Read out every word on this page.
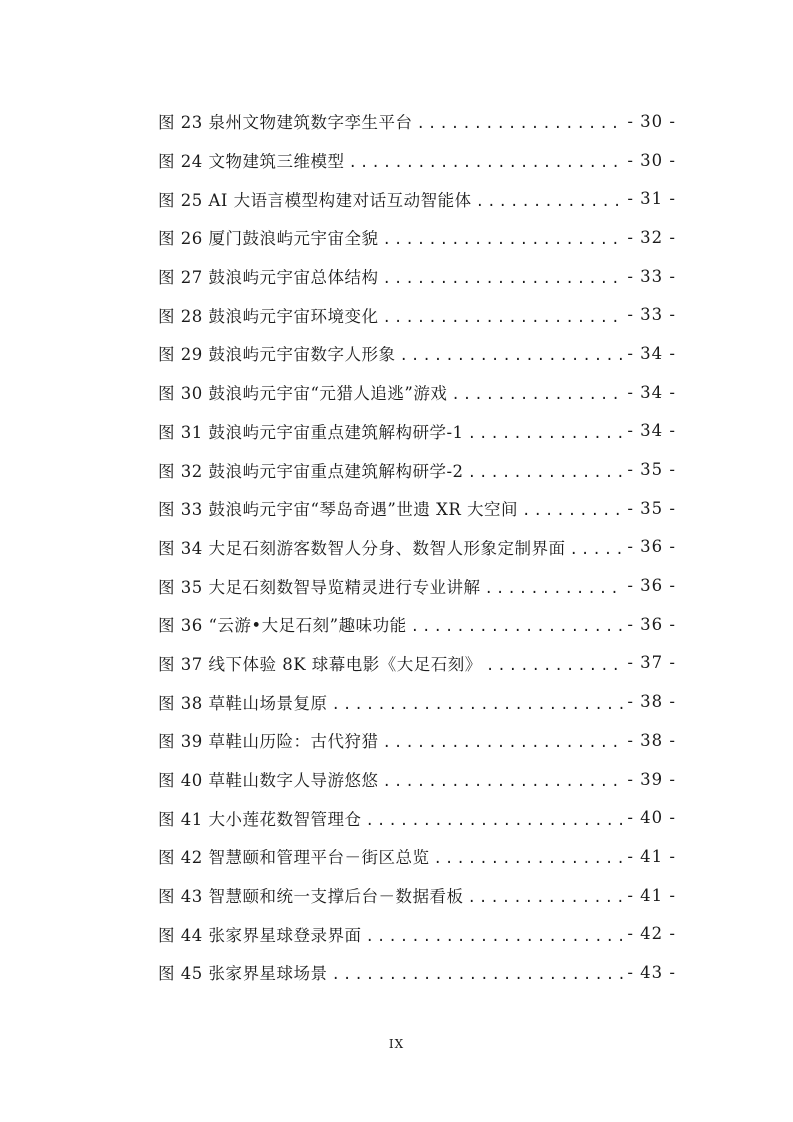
图 23 泉州文物建筑数字孪生平台 .....	- 30 -
图 24 文物建筑三维模型 .....	- 30 -
图 25 AI 大语言模型构建对话互动智能体 .....	- 31 -
图 26 厦门鼓浪屿元宇宙全貌 .....	- 32 -
图 27 鼓浪屿元宇宙总体结构 .....	- 33 -
图 28 鼓浪屿元宇宙环境变化 .....	- 33 -
图 29 鼓浪屿元宇宙数字人形象 .....	- 34 -
图 30 鼓浪屿元宇宙“元猎人追逃”游戏 .....	- 34 -
图 31 鼓浪屿元宇宙重点建筑解构研学-1 .....	- 34 -
图 32 鼓浪屿元宇宙重点建筑解构研学-2 .....	- 35 -
图 33 鼓浪屿元宇宙“琴岛奇遇”世遗 XR 大空间 .....	- 35 -
图 34 大足石刻游客数智人分身、数智人形象定制界面 .....	- 36 -
图 35 大足石刻数智导览精灵进行专业讲解 .....	- 36 -
图 36 “云游•大足石刻”趣味功能 .....	- 36 -
图 37 线下体验 8K 球幕电影《大足石刻》 .....	- 37 -
图 38 草鞋山场景复原 .....	- 38 -
图 39 草鞋山历险：古代狩猎 .....	- 38 -
图 40 草鞋山数字人导游悠悠 .....	- 39 -
图 41 大小莲花数智管理仓 .....	- 40 -
图 42 智慧颐和管理平台－街区总览 .....	- 41 -
图 43 智慧颐和统一支撑后台－数据看板 .....	- 41 -
图 44 张家界星球登录界面 .....	- 42 -
图 45 张家界星球场景 .....	- 43 -
IX
